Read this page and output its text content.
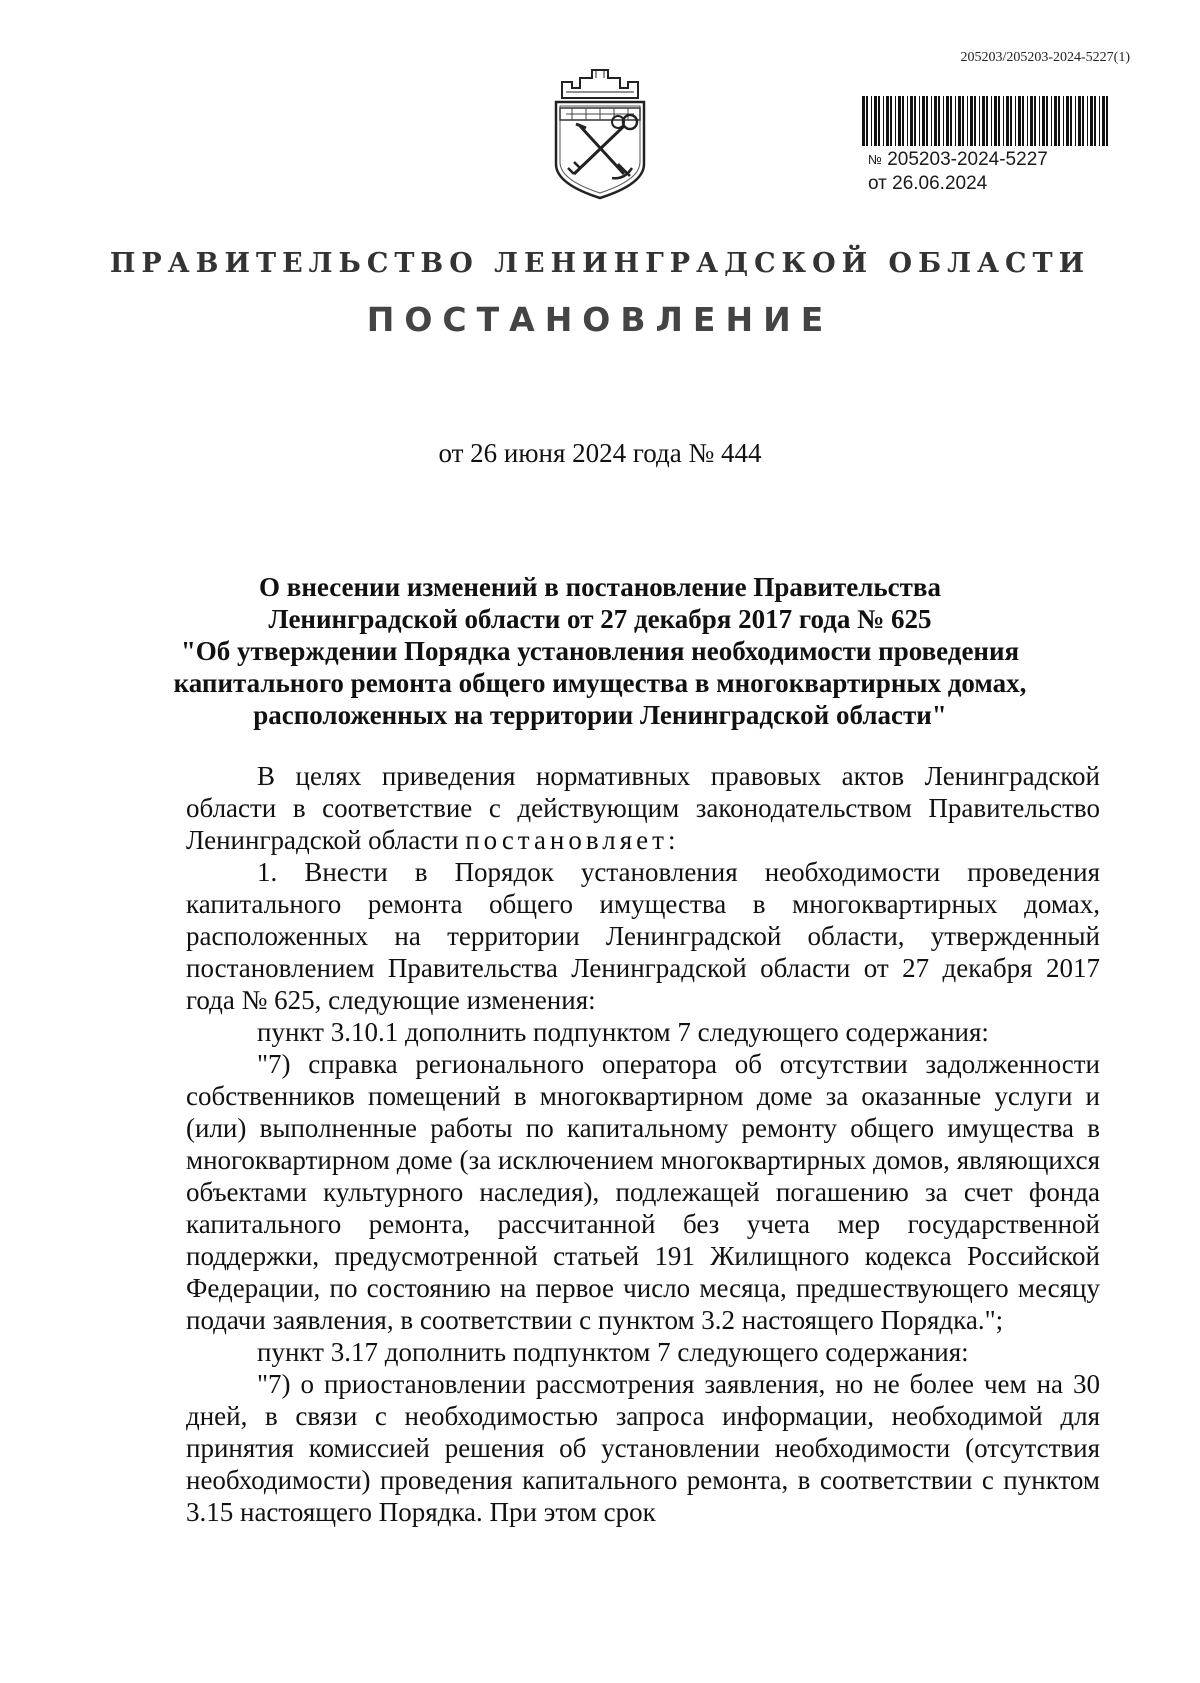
205203/205203-2024-5227(1)
№ 205203-2024-5227
от 26.06.2024
ПРАВИТЕЛЬСТВО ЛЕНИНГРАДСКОЙ ОБЛАСТИ
ПОСТАНОВЛЕНИЕ
от 26 июня 2024 года № 444
О внесении изменений в постановление Правительства
Ленинградской области от 27 декабря 2017 года № 625
"Об утверждении Порядка установления необходимости проведения
капитального ремонта общего имущества в многоквартирных домах,
расположенных на территории Ленинградской области"

В целях приведения нормативных правовых актов Ленинградской области в соответствие с действующим законодательством Правительство Ленинградской области постановляет:

1. Внести в Порядок установления необходимости проведения капитального ремонта общего имущества в многоквартирных домах, расположенных на территории Ленинградской области, утвержденный постановлением Правительства Ленинградской области от 27 декабря 2017 года № 625, следующие изменения:

пункт 3.10.1 дополнить подпунктом 7 следующего содержания:

"7) справка регионального оператора об отсутствии задолженности собственников помещений в многоквартирном доме за оказанные услуги и (или) выполненные работы по капитальному ремонту общего имущества в многоквартирном доме (за исключением многоквартирных домов, являющихся объектами культурного наследия), подлежащей погашению за счет фонда капитального ремонта, рассчитанной без учета мер государственной поддержки, предусмотренной статьей 191 Жилищного кодекса Российской Федерации, по состоянию на первое число месяца, предшествующего месяцу подачи заявления, в соответствии с пунктом 3.2 настоящего Порядка.";

пункт 3.17 дополнить подпунктом 7 следующего содержания:

"7) о приостановлении рассмотрения заявления, но не более чем на 30 дней, в связи с необходимостью запроса информации, необходимой для принятия комиссией решения об установлении необходимости (отсутствия необходимости) проведения капитального ремонта, в соответствии с пунктом 3.15 настоящего Порядка. При этом срок
